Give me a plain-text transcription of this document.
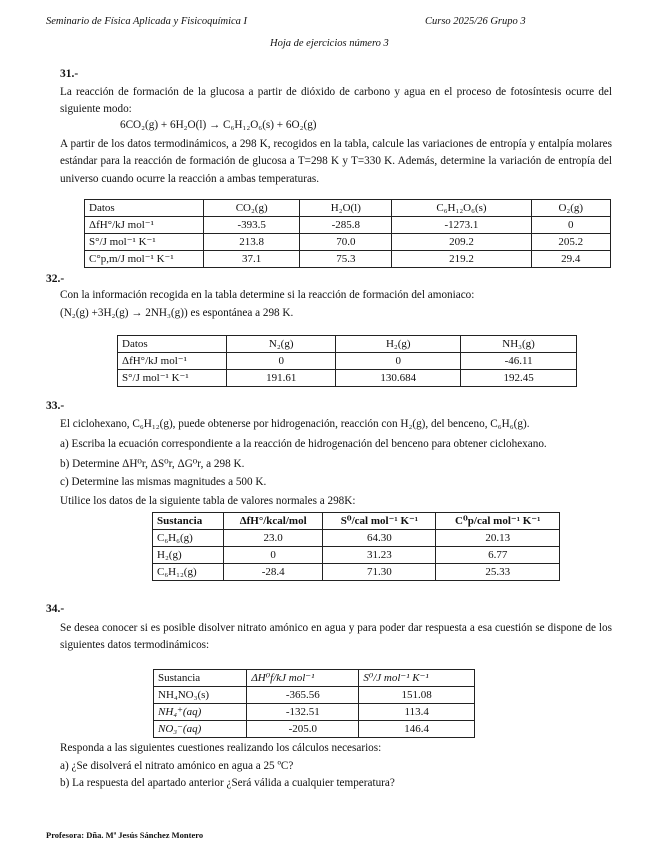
Seminario de Física Aplicada y Fisicoquímica I	Curso 2025/26 Grupo 3
Hoja de ejercicios número 3
31.-
La reacción de formación de la glucosa a partir de dióxido de carbono y agua en el proceso de fotosíntesis ocurre del siguiente modo:
6CO₂(g) + 6H₂O(l) → C₆H₁₂O₆(s) + 6O₂(g)
A partir de los datos termodinámicos, a 298 K, recogidos en la tabla, calcule las variaciones de entropía y entalpía molares estándar para la reacción de formación de glucosa a T=298 K y T=330 K. Además, determine la variación de entropía del universo cuando ocurre la reacción a ambas temperaturas.
Datos	CO₂(g)	H₂O(l)	C₆H₁₂O₆(s)	O₂(g)
ΔfH°/kJ mol⁻¹	-393.5	-285.8	-1273.1	0
S°/J mol⁻¹ K⁻¹	213.8	70.0	209.2	205.2
C°p,m/J mol⁻¹ K⁻¹	37.1	75.3	219.2	29.4
32.-
Con la información recogida en la tabla determine si la reacción de formación del amoniaco:
(N₂(g) +3H₂(g) → 2NH₃(g)) es espontánea a 298 K.
Datos	N₂(g)	H₂(g)	NH₃(g)
ΔfH°/kJ mol⁻¹	0	0	-46.11
S°/J mol⁻¹ K⁻¹	191.61	130.684	192.45
33.-
El ciclohexano, C₆H₁₂(g), puede obtenerse por hidrogenación, reacción con H₂(g), del benceno, C₆H₆(g).
a) Escriba la ecuación correspondiente a la reacción de hidrogenación del benceno para obtener ciclohexano.
b) Determine ΔH⁰r, ΔS⁰r, ΔG⁰r, a 298 K.
c) Determine las mismas magnitudes a 500 K.
Utilice los datos de la siguiente tabla de valores normales a 298K:
Sustancia	ΔfH°/kcal/mol	S⁰/cal mol⁻¹ K⁻¹	C⁰p/cal mol⁻¹ K⁻¹
C₆H₆(g)	23.0	64.30	20.13
H₂(g)	0	31.23	6.77
C₆H₁₂(g)	-28.4	71.30	25.33
34.-
Se desea conocer si es posible disolver nitrato amónico en agua y para poder dar respuesta a esa cuestión se dispone de los siguientes datos termodinámicos:
Sustancia	ΔH⁰f/kJ mol⁻¹	S⁰/J mol⁻¹ K⁻¹
NH₄NO₃(s)	-365.56	151.08
NH₄⁺(aq)	-132.51	113.4
NO₃⁻(aq)	-205.0	146.4
Responda a las siguientes cuestiones realizando los cálculos necesarios:
a) ¿Se disolverá el nitrato amónico en agua a 25 ºC?
b) La respuesta del apartado anterior ¿Será válida a cualquier temperatura?
Profesora: Dña. Mª Jesús Sánchez Montero
